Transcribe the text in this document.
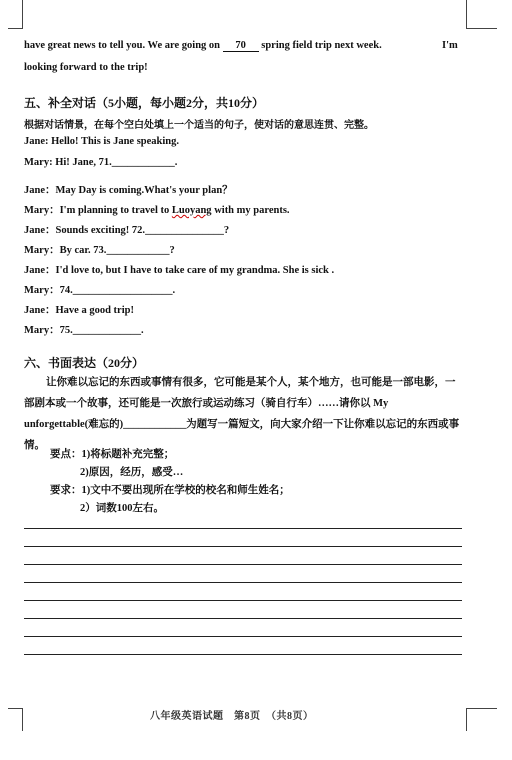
have great news to tell you. We are going on 70 spring field trip next week.	I'm
looking forward to the trip!
五、补全对话（5小题，每小题2分，共10分）
根据对话情景，在每个空白处填上一个适当的句子，使对话的意思连贯、完整。
Jane: Hello! This is Jane speaking.
Mary: Hi! Jane, 71.____________.
Jane：May Day is coming.What's your plan？
Mary：I'm planning to travel to Luoyang with my parents.
Jane：Sounds exciting! 72._______________?
Mary：By car. 73.____________?
Jane：I'd love to, but I have to take care of my grandma. She is sick .
Mary：74.___________________.
Jane：Have a good trip!
Mary：75._____________.
六、书面表达（20分）
让你难以忘记的东西或事情有很多，它可能是某个人，某个地方，也可能是一部电影，一部剧本或一个故事，还可能是一次旅行或运动练习（骑自行车）……请你以 My unforgettable(难忘的)____________为题写一篇短文，向大家介绍一下让你难以忘记的东西或事情。
要点：1)将标题补充完整；
2)原因，经历，感受…
要求：1)文中不要出现所在学校的校名和师生姓名；
2）词数100左右。
八年级英语试题　第8页　（共8页）
